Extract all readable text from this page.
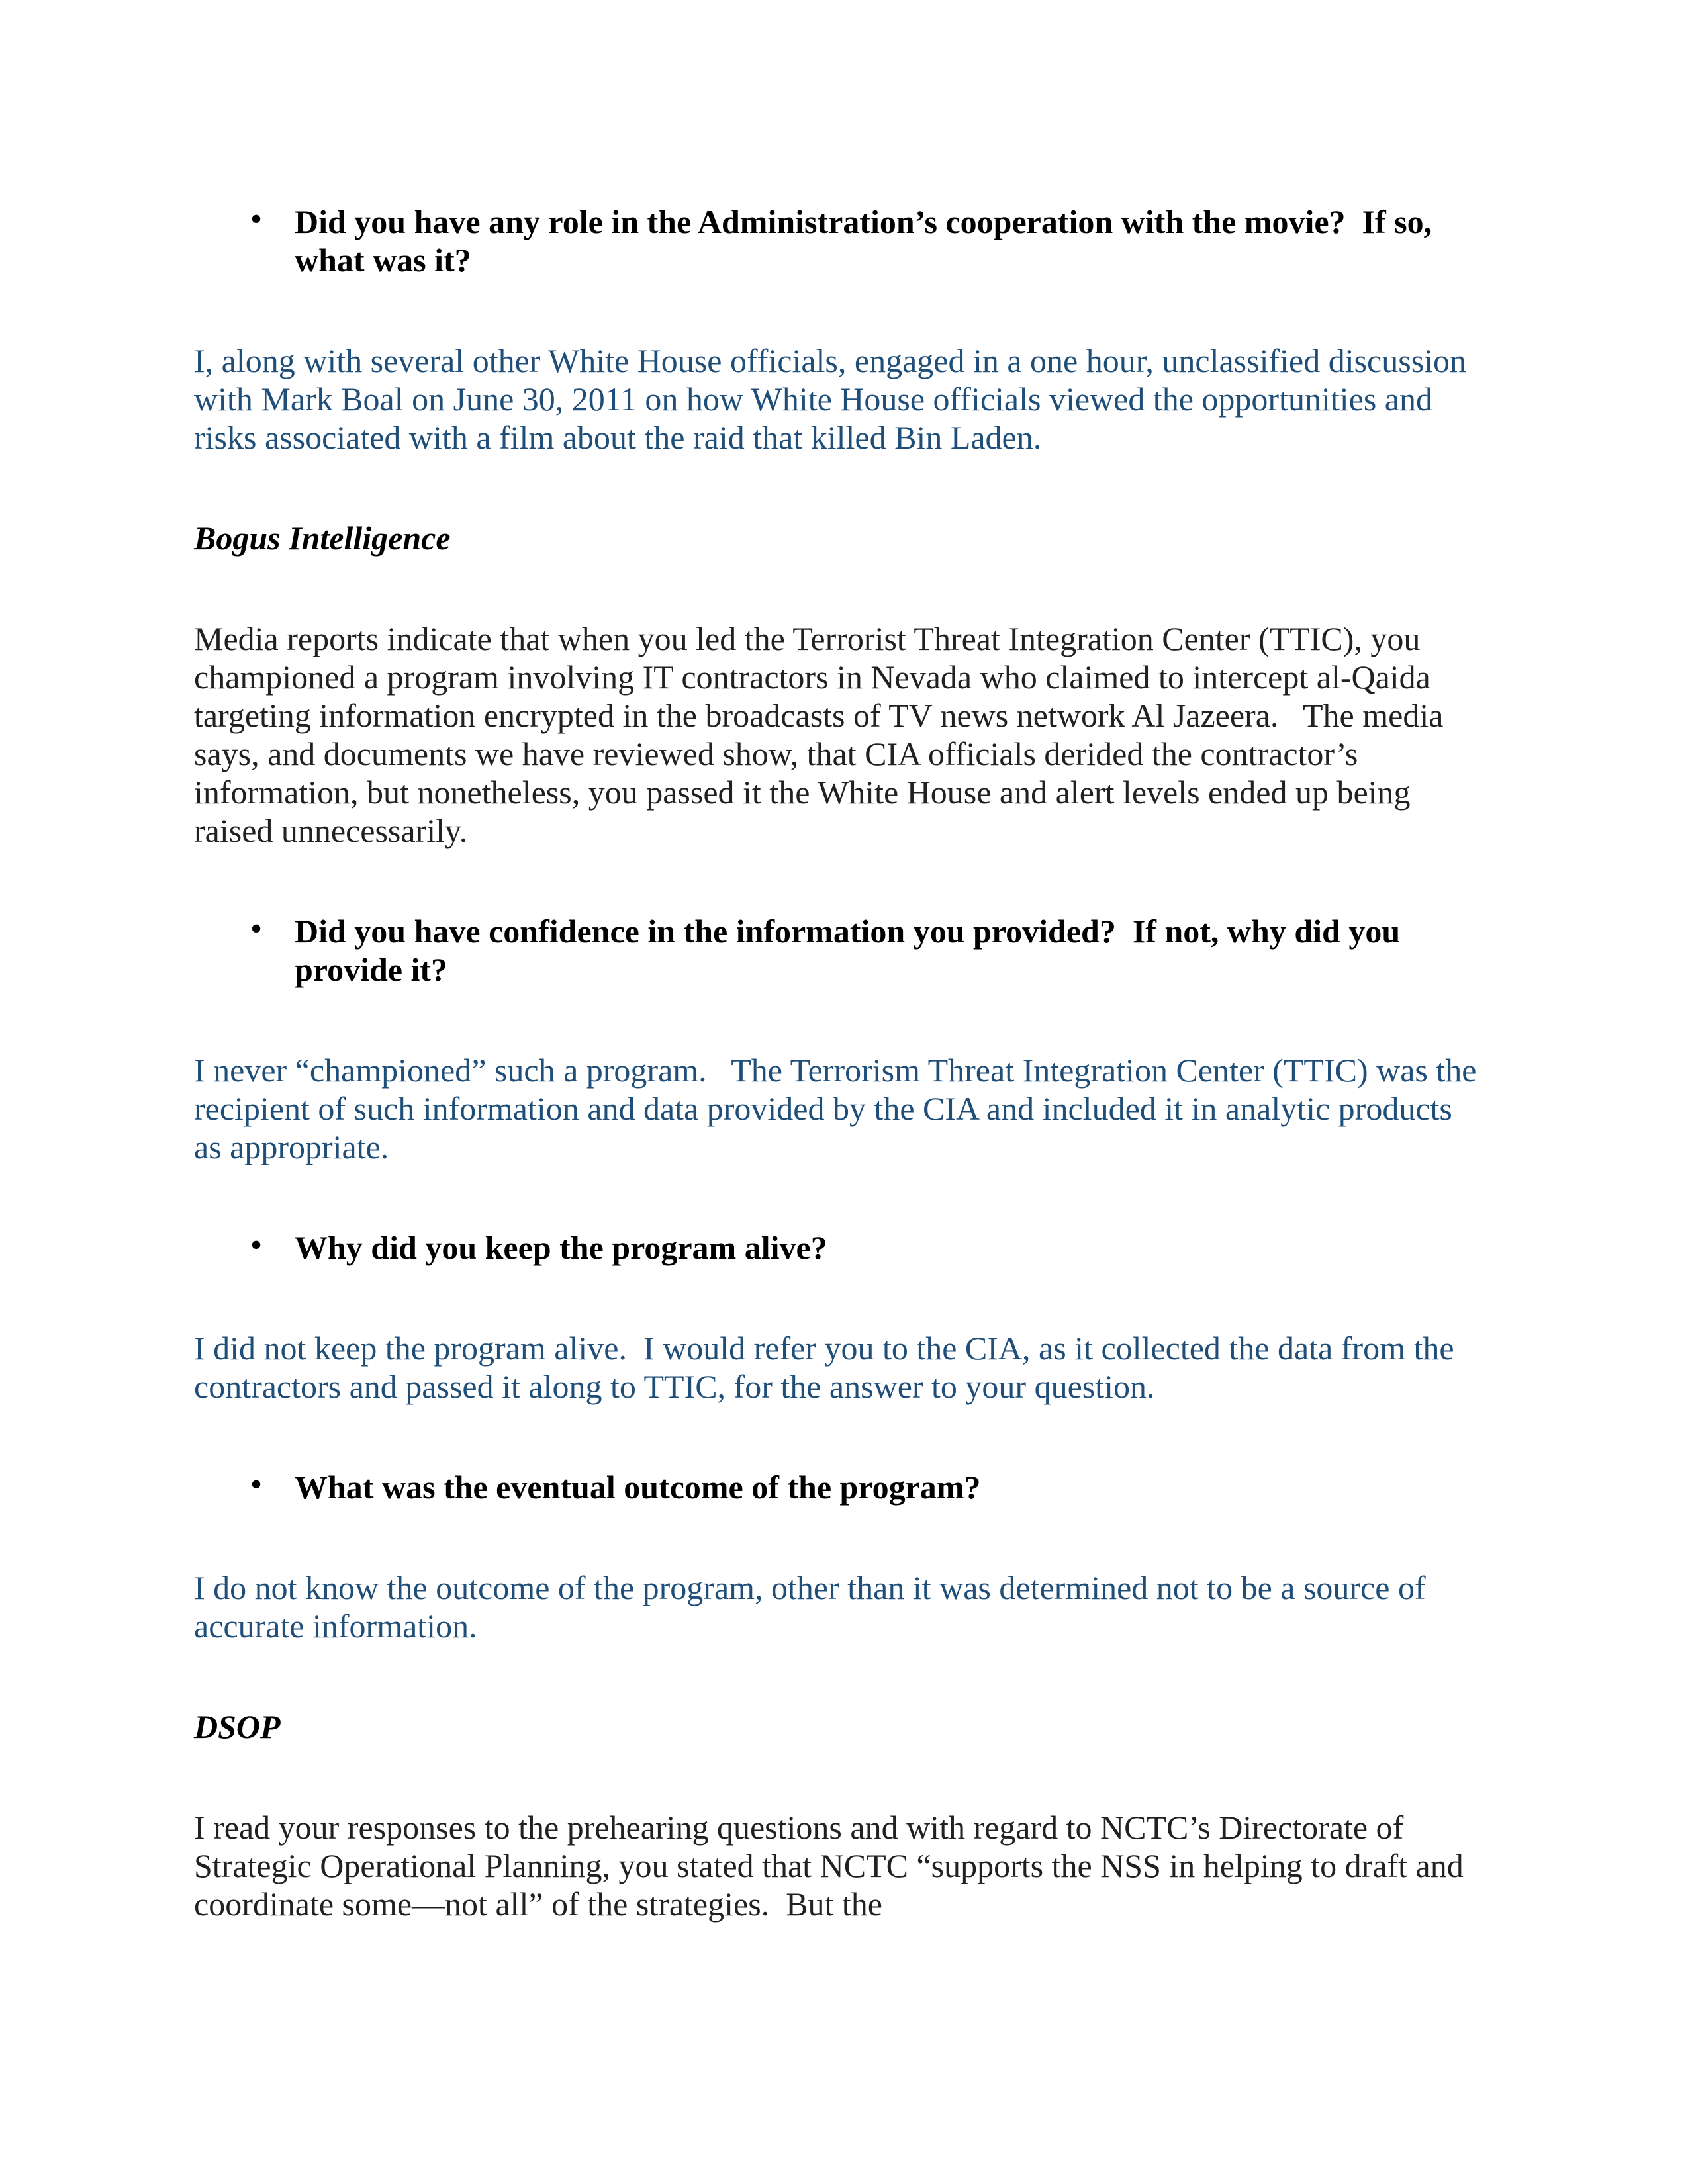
• Did you have any role in the Administration’s cooperation with the movie?  If so, what was it?

I, along with several other White House officials, engaged in a one hour, unclassified discussion with Mark Boal on June 30, 2011 on how White House officials viewed the opportunities and risks associated with a film about the raid that killed Bin Laden.

Bogus Intelligence

Media reports indicate that when you led the Terrorist Threat Integration Center (TTIC), you championed a program involving IT contractors in Nevada who claimed to intercept al-Qaida targeting information encrypted in the broadcasts of TV news network Al Jazeera.   The media says, and documents we have reviewed show, that CIA officials derided the contractor’s information, but nonetheless, you passed it the White House and alert levels ended up being raised unnecessarily.

• Did you have confidence in the information you provided?  If not, why did you provide it?

I never “championed” such a program.   The Terrorism Threat Integration Center (TTIC) was the recipient of such information and data provided by the CIA and included it in analytic products as appropriate.

• Why did you keep the program alive?

I did not keep the program alive.  I would refer you to the CIA, as it collected the data from the contractors and passed it along to TTIC, for the answer to your question.

• What was the eventual outcome of the program?

I do not know the outcome of the program, other than it was determined not to be a source of accurate information.

DSOP

I read your responses to the prehearing questions and with regard to NCTC’s Directorate of Strategic Operational Planning, you stated that NCTC “supports the NSS in helping to draft and coordinate some—not all” of the strategies.  But the
